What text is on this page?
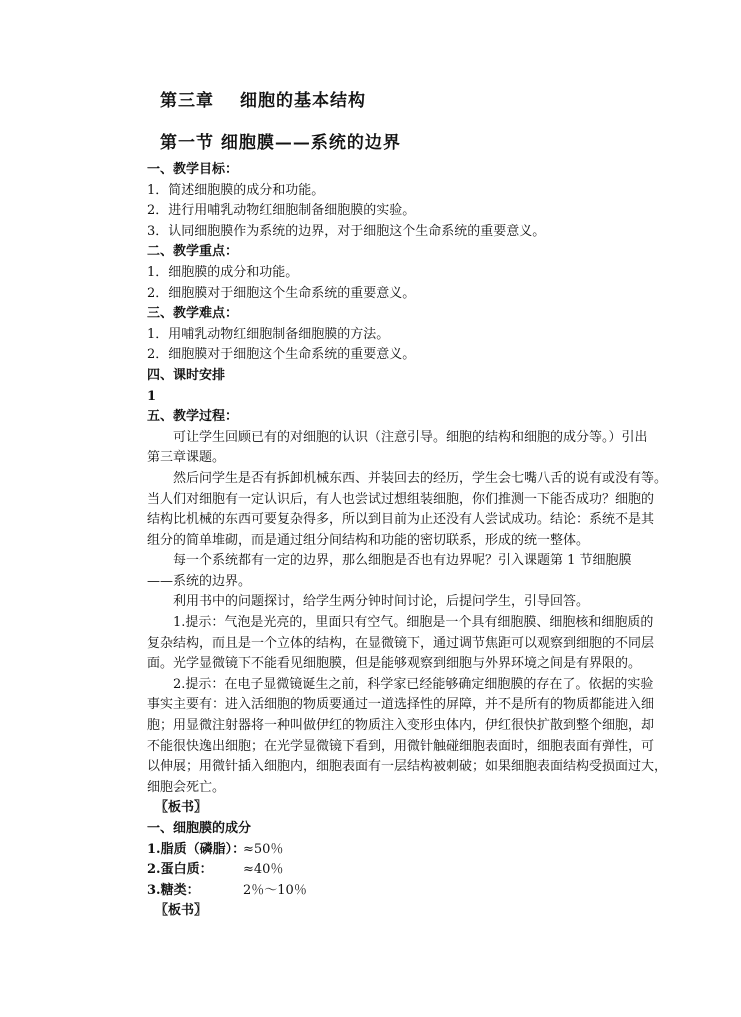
第三章 细胞的基本结构
第一节 细胞膜——系统的边界
一、教学目标：
1．简述细胞膜的成分和功能。
2．进行用哺乳动物红细胞制备细胞膜的实验。
3．认同细胞膜作为系统的边界，对于细胞这个生命系统的重要意义。
二、教学重点：
1．细胞膜的成分和功能。
2．细胞膜对于细胞这个生命系统的重要意义。
三、教学难点：
1．用哺乳动物红细胞制备细胞膜的方法。
2．细胞膜对于细胞这个生命系统的重要意义。
四、课时安排
1
五、教学过程：
　　可让学生回顾已有的对细胞的认识（注意引导。细胞的结构和细胞的成分等。）引出
第三章课题。
　　然后问学生是否有拆卸机械东西、并装回去的经历，学生会七嘴八舌的说有或没有等。
当人们对细胞有一定认识后，有人也尝试过想组装细胞，你们推测一下能否成功？细胞的
结构比机械的东西可要复杂得多，所以到目前为止还没有人尝试成功。结论：系统不是其
组分的简单堆砌，而是通过组分间结构和功能的密切联系，形成的统一整体。
　　每一个系统都有一定的边界，那么细胞是否也有边界呢？引入课题第 1 节细胞膜
——系统的边界。
　　利用书中的问题探讨，给学生两分钟时间讨论，后提问学生，引导回答。
　　1.提示：气泡是光亮的，里面只有空气。细胞是一个具有细胞膜、细胞核和细胞质的
复杂结构，而且是一个立体的结构，在显微镜下，通过调节焦距可以观察到细胞的不同层
面。光学显微镜下不能看见细胞膜，但是能够观察到细胞与外界环境之间是有界限的。
　　2.提示：在电子显微镜诞生之前，科学家已经能够确定细胞膜的存在了。依据的实验
事实主要有：进入活细胞的物质要通过一道选择性的屏障，并不是所有的物质都能进入细
胞；用显微注射器将一种叫做伊红的物质注入变形虫体内，伊红很快扩散到整个细胞，却
不能很快逸出细胞；在光学显微镜下看到，用微针触碰细胞表面时，细胞表面有弹性，可
以伸展；用微针插入细胞内，细胞表面有一层结构被刺破；如果细胞表面结构受损面过大，
细胞会死亡。
〖板书〗
一、细胞膜的成分
1.脂质（磷脂）：≈50％
2.蛋白质： ≈40％
3.糖类：	2％～10％
〖板书〗
